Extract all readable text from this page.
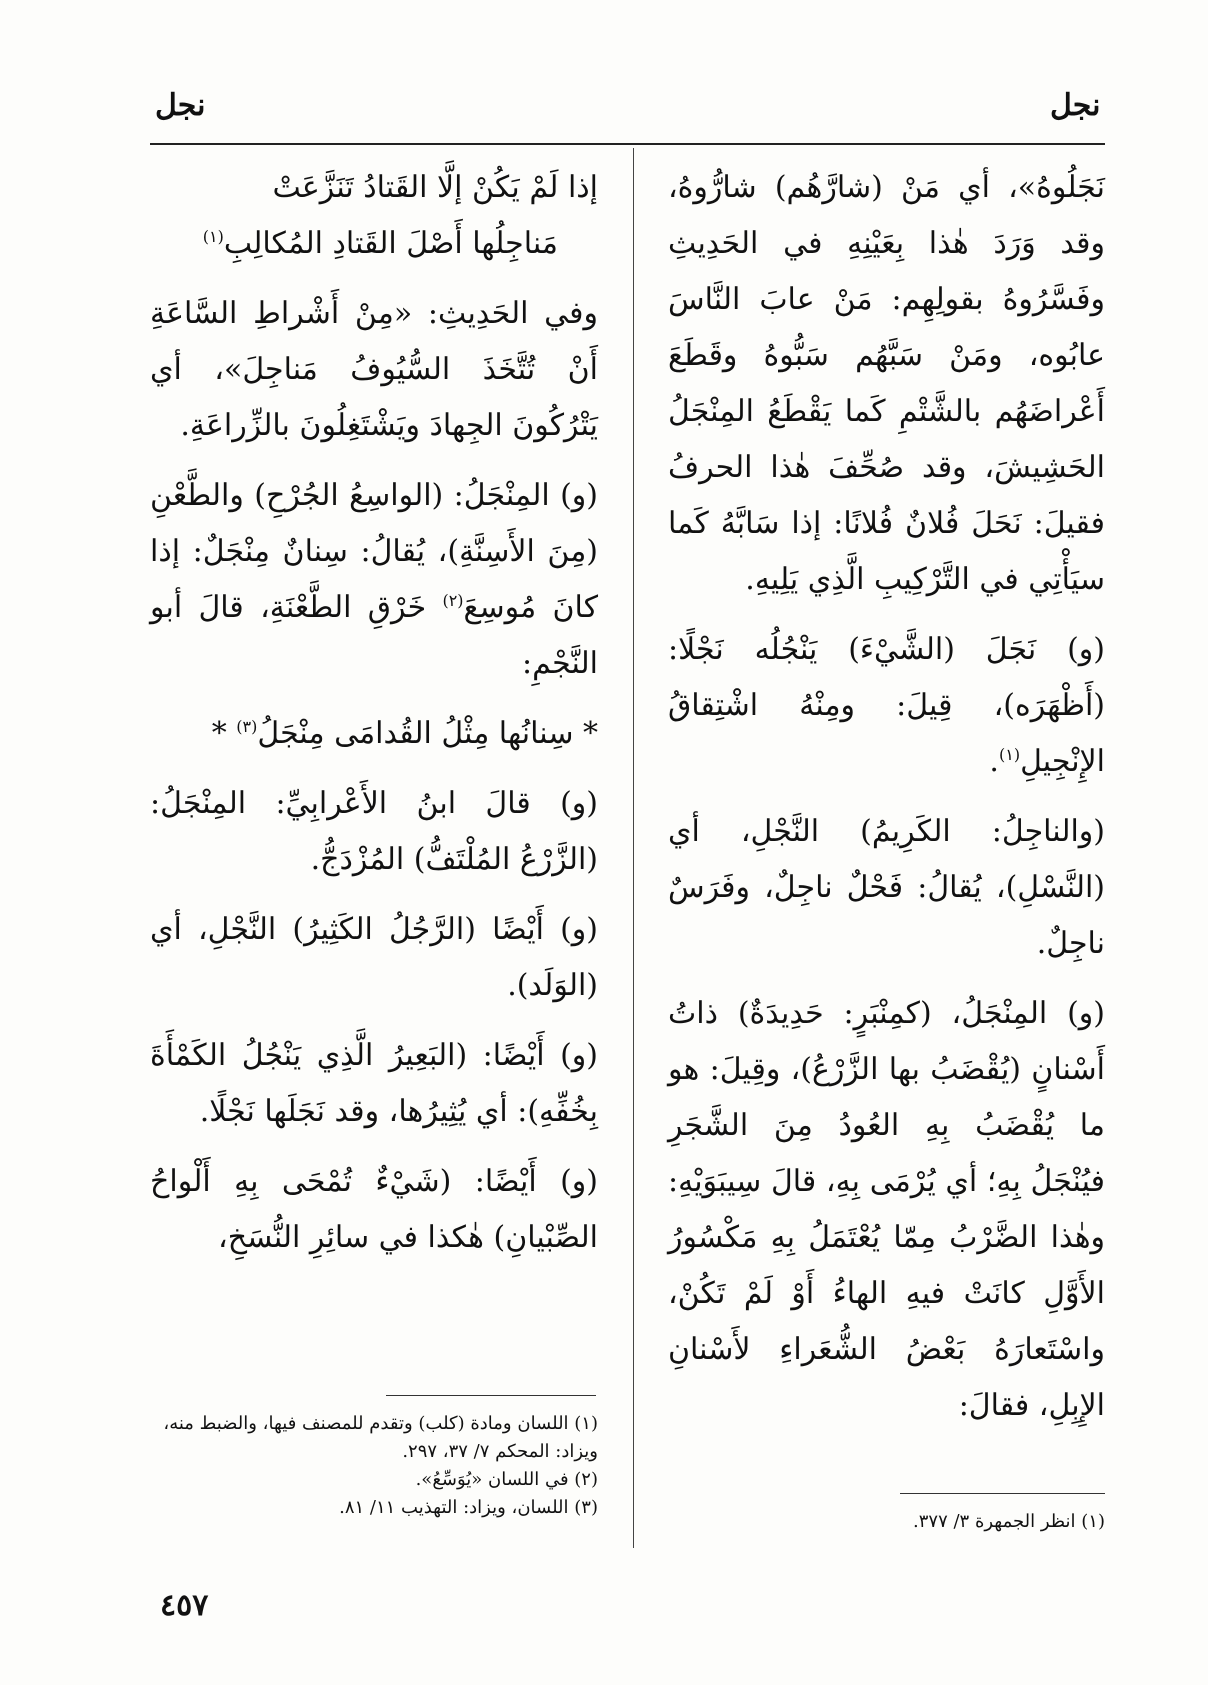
نجل
نجل

نَجَلُوهُ»، أي مَنْ (شارَّهُم) شارُّوهُ، وقد وَرَدَ هٰذا بِعَيْنِهِ في الحَدِيثِ وفَسَّرُوهُ بقولِهِم: مَنْ عابَ النَّاسَ عابُوه، ومَنْ سَبَّهُم سَبُّوهُ وقَطَعَ أَعْراضَهُم بالشَّتْمِ كَما يَقْطَعُ المِنْجَلُ الحَشِيشَ، وقد صُحِّفَ هٰذا الحرفُ فقيلَ: نَحَلَ فُلانٌ فُلانًا: إذا سَابَّهُ كَما سيَأْتِي في التَّرْكِيبِ الَّذِي يَلِيهِ.

(و) نَجَلَ (الشَّيْءَ) يَنْجُلُه نَجْلًا: (أَظْهَرَه)، قِيلَ: ومِنْهُ اشْتِقاقُ الإِنْجِيلِ$^{(١)}$.

(والناجِلُ: الكَرِيمُ) النَّجْلِ، أي (النَّسْلِ)، يُقالُ: فَحْلٌ ناجِلٌ، وفَرَسٌ ناجِلٌ.

(و) المِنْجَلُ، (كمِنْبَرٍ: حَدِيدَةٌ) ذاتُ أَسْنانٍ (يُقْضَبُ بها الزَّرْعُ)، وقِيلَ: هو ما يُقْضَبُ بِهِ العُودُ مِنَ الشَّجَرِ فيُنْجَلُ بِهِ؛ أي يُرْمَى بِهِ، قالَ سِيبَوَيْهِ: وهٰذا الضَّرْبُ مِمّا يُعْتَمَلُ بِهِ مَكْسُورُ الأَوَّلِ كانَتْ فيهِ الهاءُ أَوْ لَمْ تَكُنْ، واسْتَعارَهُ بَعْضُ الشُّعَراءِ لأَسْنانِ الإِبِلِ، فقالَ:

إذا لَمْ يَكُنْ إلَّا القَتادُ تَنَزَّعَتْ

مَناجِلُها أَصْلَ القَتادِ المُكالِبِ$^{(١)}$

وفي الحَدِيثِ: «مِنْ أَشْراطِ السَّاعَةِ أَنْ تُتَّخَذَ السُّيُوفُ مَناجِلَ»، أي يَتْرُكُونَ الجِهادَ ويَشْتَغِلُونَ بالزِّراعَةِ.

(و) المِنْجَلُ: (الواسِعُ الجُرْحِ) والطَّعْنِ (مِنَ الأَسِنَّةِ)، يُقالُ: سِنانٌ مِنْجَلٌ: إذا كانَ مُوسِعَ$^{(٢)}$ خَرْقِ الطَّعْنَةِ، قالَ أبو النَّجْمِ:

* سِنانُها مِثْلُ القُدامَى مِنْجَلُ$^{(٣)}$ *

(و) قالَ ابنُ الأَعْرابِيِّ: المِنْجَلُ: (الزَّرْعُ المُلْتَفُّ) المُزْدَجُّ.

(و) أَيْضًا (الرَّجُلُ الكَثِيرُ) النَّجْلِ، أي (الوَلَد).

(و) أَيْضًا: (البَعِيرُ الَّذِي يَنْجُلُ الكَمْأَةَ بِخُفِّهِ): أي يُثِيرُها، وقد نَجَلَها نَجْلًا.

(و) أَيْضًا: (شَيْءٌ تُمْحَى بِهِ أَلْواحُ الصِّبْيانِ) هٰكذا في سائِرِ النُّسَخِ،

(١) اللسان ومادة (كلب) وتقدم للمصنف فيها، والضبط منه، ويزاد: المحكم ٧/ ٣٧، ٢٩٧.
(٢) في اللسان «يُوَسِّعُ».
(٣) اللسان، ويزاد: التهذيب ١١/ ٨١.
(١) انظر الجمهرة ٣/ ٣٧٧.
٤٥٧
